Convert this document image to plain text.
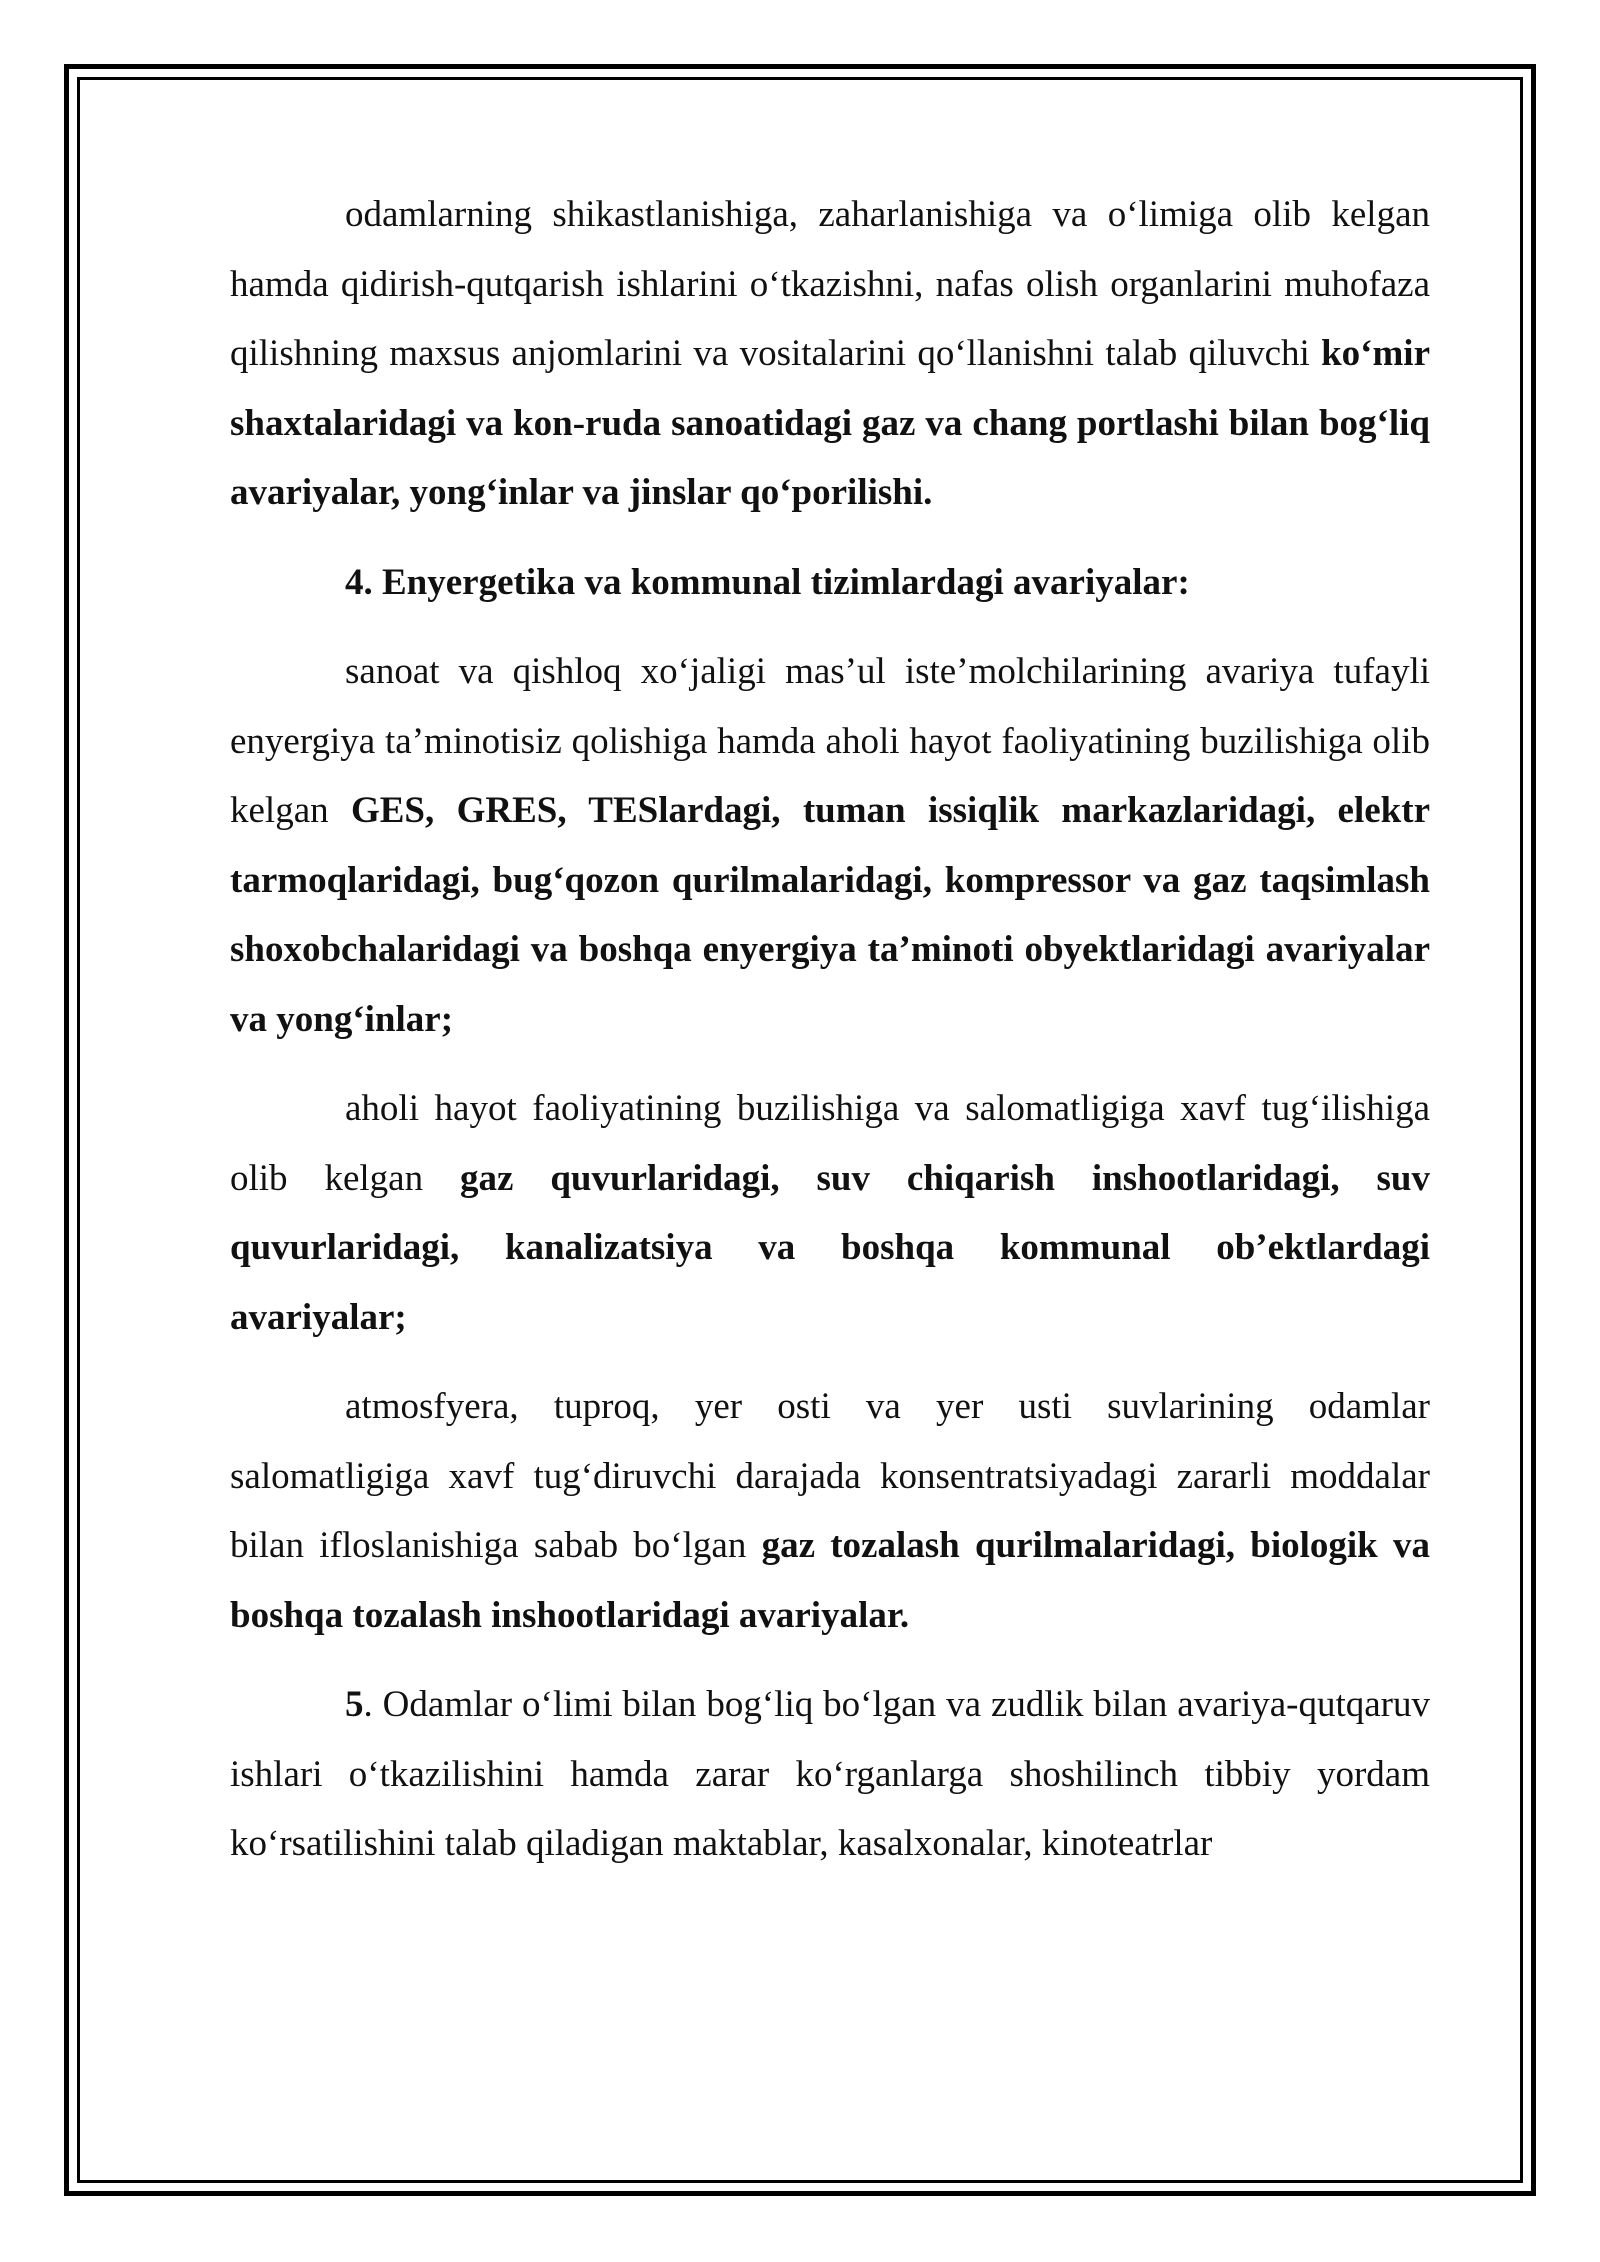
odamlarning shikastlanishiga, zaharlanishiga va o‘limiga olib kelgan hamda qidirish-qutqarish ishlarini o‘tkazishni, nafas olish organlarini muhofaza qilishning maxsus anjomlarini va vositalarini qo‘llanishni talab qiluvchi ko‘mir shaxtalaridagi va kon-ruda sanoatidagi gaz va chang portlashi bilan bog‘liq avariyalar, yong‘inlar va jinslar qo‘porilishi.

4. Enyergetika va kommunal tizimlardagi avariyalar:

sanoat va qishloq xo‘jaligi mas’ul iste’molchilarining avariya tufayli enyergiya ta’minotisiz qolishiga hamda aholi hayot faoliyatining buzilishiga olib kelgan GES, GRES, TESlardagi, tuman issiqlik markazlaridagi, elektr tarmoqlaridagi, bug‘qozon qurilmalaridagi, kompressor va gaz taqsimlash shoxobchalaridagi va boshqa enyergiya ta’minoti obyektlaridagi avariyalar va yong‘inlar;

aholi hayot faoliyatining buzilishiga va salomatligiga xavf tug‘ilishiga olib kelgan gaz quvurlaridagi, suv chiqarish inshootlaridagi, suv quvurlaridagi, kanalizatsiya va boshqa kommunal ob’ektlardagi avariyalar;

atmosfyera, tuproq, yer osti va yer usti suvlarining odamlar salomatligiga xavf tug‘diruvchi darajada konsentratsiyadagi zararli moddalar bilan ifloslanishiga sabab bo‘lgan gaz tozalash qurilmalaridagi, biologik va boshqa tozalash inshootlaridagi avariyalar.

5. Odamlar o‘limi bilan bog‘liq bo‘lgan va zudlik bilan avariya-qutqaruv ishlari o‘tkazilishini hamda zarar ko‘rganlarga shoshilinch tibbiy yordam ko‘rsatilishini talab qiladigan maktablar, kasalxonalar, kinoteatrlar
